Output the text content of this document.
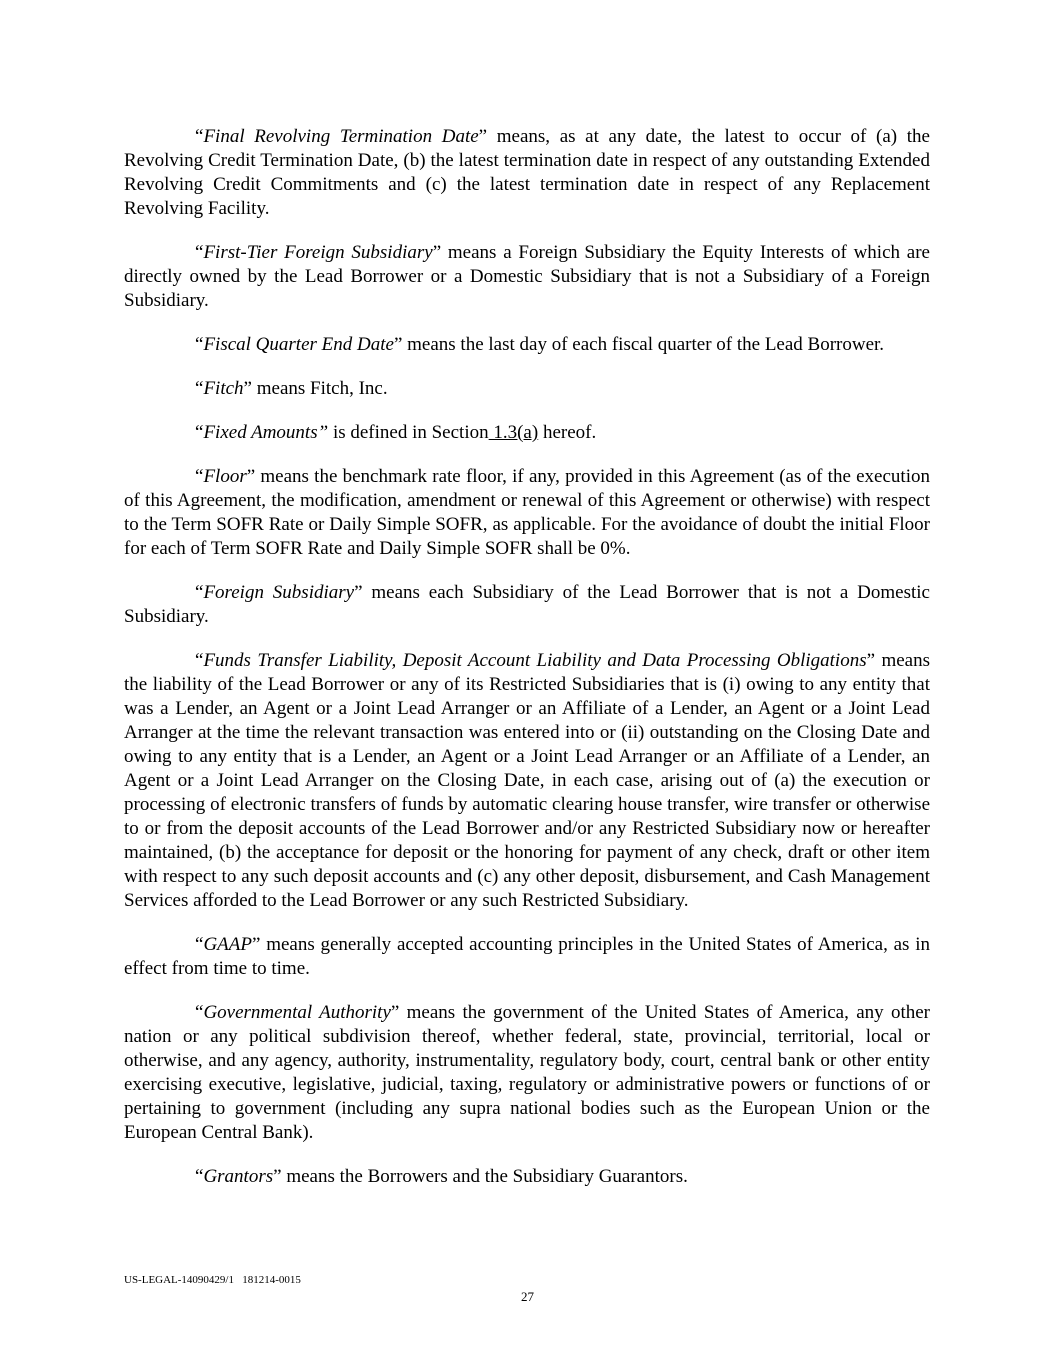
“Final Revolving Termination Date” means, as at any date, the latest to occur of (a) the Revolving Credit Termination Date, (b) the latest termination date in respect of any outstanding Extended Revolving Credit Commitments and (c) the latest termination date in respect of any Replacement Revolving Facility.

“First-Tier Foreign Subsidiary” means a Foreign Subsidiary the Equity Interests of which are directly owned by the Lead Borrower or a Domestic Subsidiary that is not a Subsidiary of a Foreign Subsidiary.

“Fiscal Quarter End Date” means the last day of each fiscal quarter of the Lead Borrower.

“Fitch” means Fitch, Inc.

“Fixed Amounts” is defined in Section 1.3(a) hereof.

“Floor” means the benchmark rate floor, if any, provided in this Agreement (as of the execution of this Agreement, the modification, amendment or renewal of this Agreement or otherwise) with respect to the Term SOFR Rate or Daily Simple SOFR, as applicable. For the avoidance of doubt the initial Floor for each of Term SOFR Rate and Daily Simple SOFR shall be 0%.

“Foreign Subsidiary” means each Subsidiary of the Lead Borrower that is not a Domestic Subsidiary.

“Funds Transfer Liability, Deposit Account Liability and Data Processing Obligations” means the liability of the Lead Borrower or any of its Restricted Subsidiaries that is (i) owing to any entity that was a Lender, an Agent or a Joint Lead Arranger or an Affiliate of a Lender, an Agent or a Joint Lead Arranger at the time the relevant transaction was entered into or (ii) outstanding on the Closing Date and owing to any entity that is a Lender, an Agent or a Joint Lead Arranger or an Affiliate of a Lender, an Agent or a Joint Lead Arranger on the Closing Date, in each case, arising out of (a) the execution or processing of electronic transfers of funds by automatic clearing house transfer, wire transfer or otherwise to or from the deposit accounts of the Lead Borrower and/or any Restricted Subsidiary now or hereafter maintained, (b) the acceptance for deposit or the honoring for payment of any check, draft or other item with respect to any such deposit accounts and (c) any other deposit, disbursement, and Cash Management Services afforded to the Lead Borrower or any such Restricted Subsidiary.

“GAAP” means generally accepted accounting principles in the United States of America, as in effect from time to time.

“Governmental Authority” means the government of the United States of America, any other nation or any political subdivision thereof, whether federal, state, provincial, territorial, local or otherwise, and any agency, authority, instrumentality, regulatory body, court, central bank or other entity exercising executive, legislative, judicial, taxing, regulatory or administrative powers or functions of or pertaining to government (including any supra national bodies such as the European Union or the European Central Bank).

“Grantors” means the Borrowers and the Subsidiary Guarantors.

US-LEGAL-14090429/1   181214-0015
27
